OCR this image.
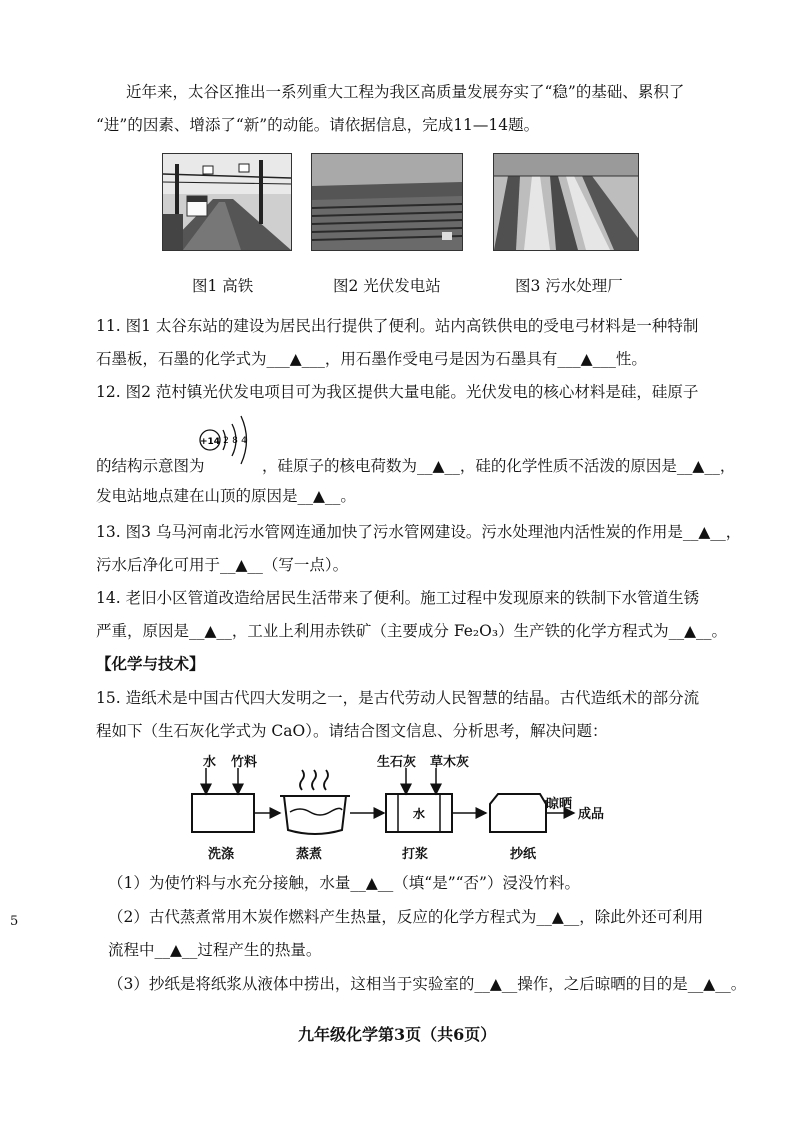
近年来，太谷区推出一系列重大工程为我区高质量发展夯实了“稳”的基础、累积了
“进”的因素、增添了“新”的动能。请依据信息，完成11—14题。
图1 高铁	图2 光伏发电站	图3 污水处理厂
11. 图1 太谷东站的建设为居民出行提供了便利。站内高铁供电的受电弓材料是一种特制
石墨板，石墨的化学式为___▲___，用石墨作受电弓是因为石墨具有___▲___性。
12. 图2 范村镇光伏发电项目可为我区提供大量电能。光伏发电的核心材料是硅，硅原子
+14 2 8 4
的结构示意图为	，硅原子的核电荷数为__▲__，硅的化学性质不活泼的原因是__▲__，
发电站地点建在山顶的原因是__▲__。
13. 图3 乌马河南北污水管网连通加快了污水管网建设。污水处理池内活性炭的作用是__▲__，
污水后净化可用于__▲__（写一点）。
14. 老旧小区管道改造给居民生活带来了便利。施工过程中发现原来的铁制下水管道生锈
严重，原因是__▲__，工业上利用赤铁矿（主要成分 Fe₂O₃）生产铁的化学方程式为__▲__。
【化学与技术】
15. 造纸术是中国古代四大发明之一，是古代劳动人民智慧的结晶。古代造纸术的部分流
程如下（生石灰化学式为 CaO）。请结合图文信息、分析思考，解决问题：
水
水 竹料	生石灰 草木灰
晾晒
成品
洗涤	蒸煮	打浆	抄纸
（1）为使竹料与水充分接触，水量__▲__（填“是”“否”）浸没竹料。
（2）古代蒸煮常用木炭作燃料产生热量，反应的化学方程式为__▲__，除此外还可利用
流程中__▲__过程产生的热量。
（3）抄纸是将纸浆从液体中捞出，这相当于实验室的__▲__操作，之后晾晒的目的是__▲__。
5
九年级化学第3页（共6页）
